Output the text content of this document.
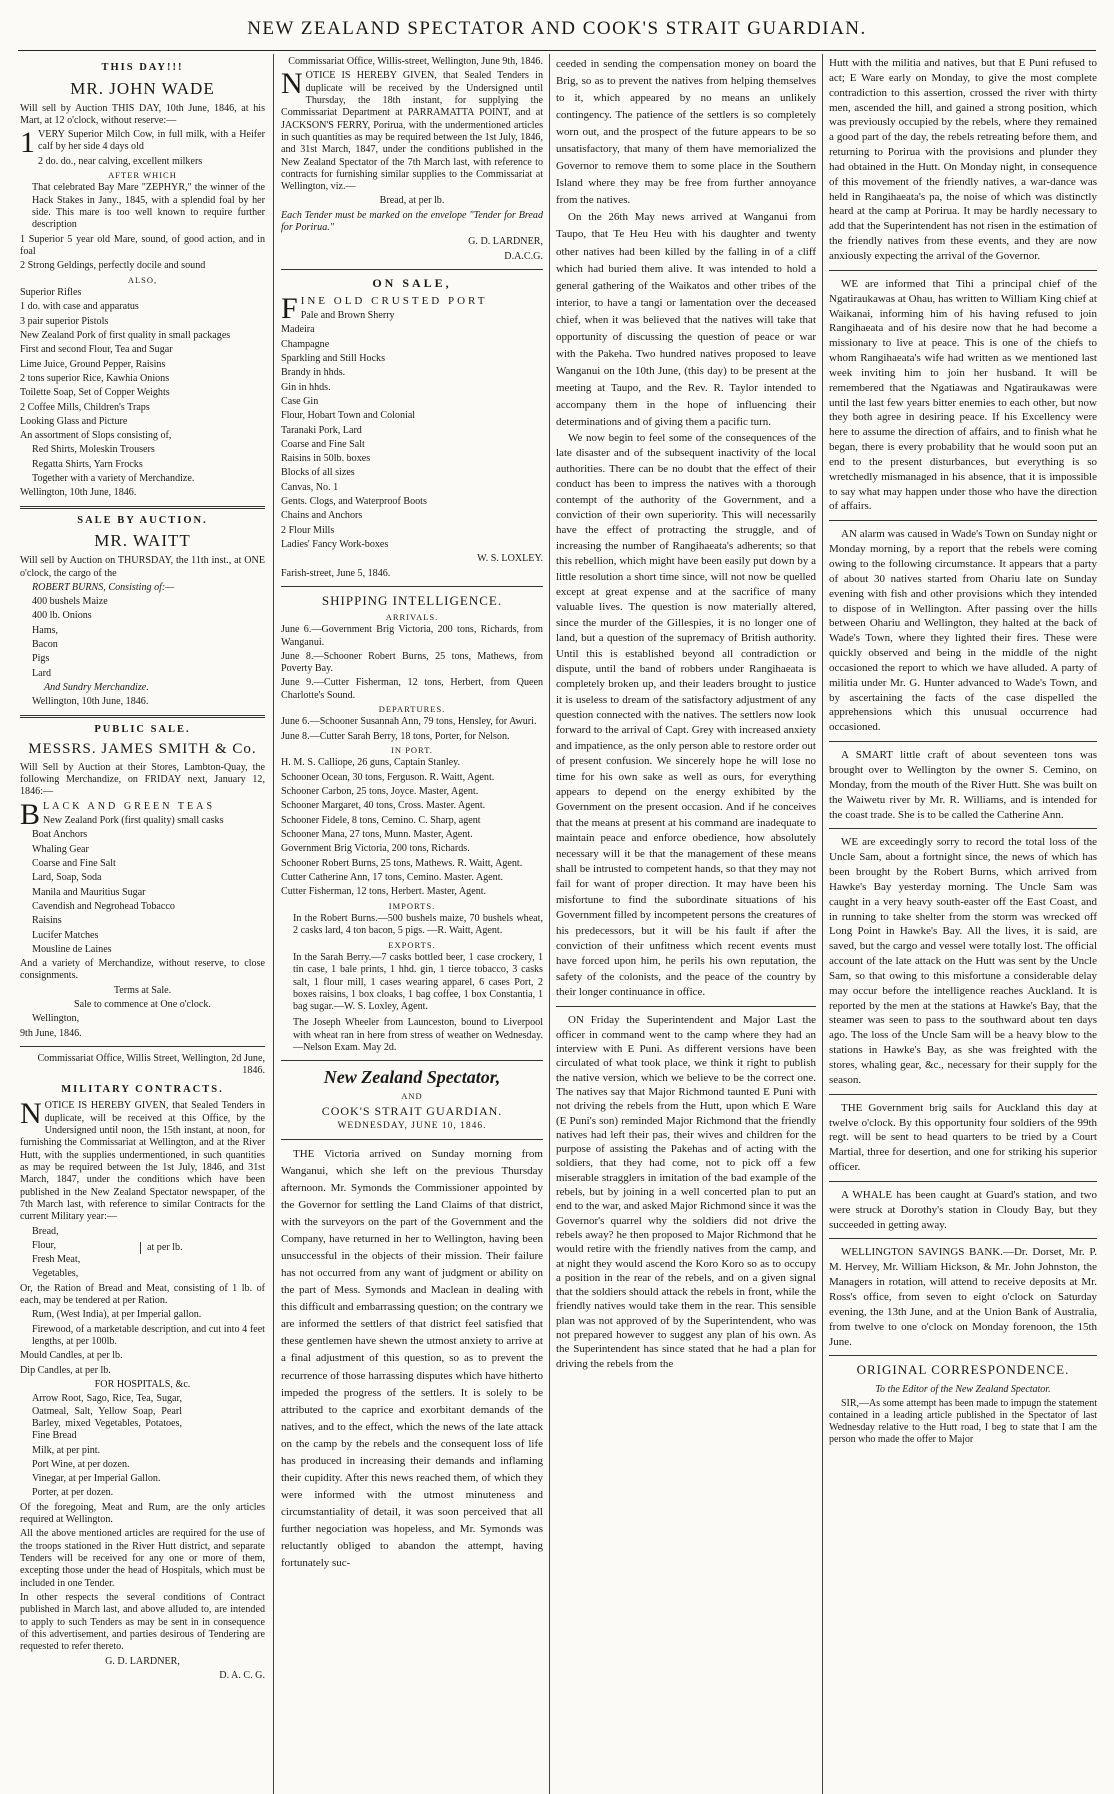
NEW ZEALAND SPECTATOR AND COOK'S STRAIT GUARDIAN.
THIS DAY!!!
MR. JOHN WADE

Will sell by Auction THIS DAY, 10th June, 1846, at his Mart, at 12 o'clock, without reserve:—

1 VERY Superior Milch Cow, in full milk, with a Heifer calf by her side 4 days old

2 do. do., near calving, excellent milkers

AFTER WHICH

That celebrated Bay Mare "ZEPHYR," the winner of the Hack Stakes in Jany., 1845, with a splendid foal by her side. This mare is too well known to require further description

1 Superior 5 year old Mare, sound, of good action, and in foal

2 Strong Geldings, perfectly docile and sound

ALSO,

Superior Rifles

1 do. with case and apparatus

3 pair superior Pistols

New Zealand Pork of first quality in small packages

First and second Flour, Tea and Sugar

Lime Juice, Ground Pepper, Raisins

2 tons superior Rice, Kawhia Onions

Toilette Soap, Set of Copper Weights

2 Coffee Mills, Children's Traps

Looking Glass and Picture

An assortment of Slops consisting of,

Red Shirts, Moleskin Trousers

Regatta Shirts, Yarn Frocks

Together with a variety of Merchandize.

Wellington, 10th June, 1846.

SALE BY AUCTION.
MR. WAITT

Will sell by Auction on THURSDAY, the 11th inst., at ONE o'clock, the cargo of the

ROBERT BURNS, Consisting of:—

400 bushels Maize

400 lb. Onions

Hams,

Bacon

Pigs

Lard

And Sundry Merchandize.

Wellington, 10th June, 1846.

PUBLIC SALE.
MESSRS. JAMES SMITH & Co.

Will Sell by Auction at their Stores, Lambton-Quay, the following Merchandize, on FRIDAY next, January 12, 1846:—

BLACK AND GREEN TEAS

New Zealand Pork (first quality) small casks

Boat Anchors

Whaling Gear

Coarse and Fine Salt

Lard, Soap, Soda

Manila and Mauritius Sugar

Cavendish and Negrohead Tobacco

Raisins

Lucifer Matches

Mousline de Laines

And a variety of Merchandize, without reserve, to close consignments.

Terms at Sale.

Sale to commence at One o'clock.

Wellington,

9th June, 1846.

Commissariat Office, Willis Street, Wellington, 2d June, 1846.

MILITARY CONTRACTS.

NOTICE IS HEREBY GIVEN, that Sealed Tenders in duplicate, will be received at this Office, by the Undersigned until noon, the 15th instant, at noon, for furnishing the Commissariat at Wellington, and at the River Hutt, with the supplies undermentioned, in such quantities as may be required between the 1st July, 1846, and 31st March, 1847, under the conditions which have been published in the New Zealand Spectator newspaper, of the 7th March last, with reference to similar Contracts for the current Military year:—

Bread,

Flour,

Fresh Meat,

Vegetables,

at per lb.

Or, the Ration of Bread and Meat, consisting of 1 lb. of each, may be tendered at per Ration.

Rum, (West India), at per Imperial gallon.

Firewood, of a marketable description, and cut into 4 feet lengths, at per 100lb.

Mould Candles, at per lb.

Dip Candles, at per lb.

FOR HOSPITALS, &c.

Arrow Root, Sago, Rice, Tea, Sugar, Oatmeal, Salt, Yellow Soap, Pearl Barley, mixed Vegetables, Potatoes, Fine Bread

Milk, at per pint.

Port Wine, at per dozen.

Vinegar, at per Imperial Gallon.

Porter, at per dozen.

Of the foregoing, Meat and Rum, are the only articles required at Wellington.

All the above mentioned articles are required for the use of the troops stationed in the River Hutt district, and separate Tenders will be received for any one or more of them, excepting those under the head of Hospitals, which must be included in one Tender.

In other respects the several conditions of Contract published in March last, and above alluded to, are intended to apply to such Tenders as may be sent in in consequence of this advertisement, and parties desirous of Tendering are requested to refer thereto.

G. D. LARDNER,

D. A. C. G.

Commissariat Office, Willis-street, Wellington, June 9th, 1846.

NOTICE IS HEREBY GIVEN, that Sealed Tenders in duplicate will be received by the Undersigned until Thursday, the 18th instant, for supplying the Commissariat Department at PARRAMATTA POINT, and at JACKSON'S FERRY, Porirua, with the undermentioned articles in such quantities as may be required between the 1st July, 1846, and 31st March, 1847, under the conditions published in the New Zealand Spectator of the 7th March last, with reference to contracts for furnishing similar supplies to the Commissariat at Wellington, viz.—

Bread, at per lb.

Each Tender must be marked on the envelope "Tender for Bread for Porirua."

G. D. LARDNER,

D.A.C.G.

ON SALE,

FINE OLD CRUSTED PORT

Pale and Brown Sherry

Madeira

Champagne

Sparkling and Still Hocks

Brandy in hhds.

Gin in hhds.

Case Gin

Flour, Hobart Town and Colonial

Taranaki Pork, Lard

Coarse and Fine Salt

Raisins in 50lb. boxes

Blocks of all sizes

Canvas, No. 1

Gents. Clogs, and Waterproof Boots

Chains and Anchors

2 Flour Mills

Ladies' Fancy Work-boxes

W. S. LOXLEY.

Farish-street, June 5, 1846.

SHIPPING INTELLIGENCE.
ARRIVALS.

June 6.—Government Brig Victoria, 200 tons, Richards, from Wanganui.

June 8.—Schooner Robert Burns, 25 tons, Mathews, from Poverty Bay.

June 9.—Cutter Fisherman, 12 tons, Herbert, from Queen Charlotte's Sound.

DEPARTURES.

June 6.—Schooner Susannah Ann, 79 tons, Hensley, for Awuri.

June 8.—Cutter Sarah Berry, 18 tons, Porter, for Nelson.

IN PORT.

H. M. S. Calliope, 26 guns, Captain Stanley.

Schooner Ocean, 30 tons, Ferguson. R. Waitt, Agent.

Schooner Carbon, 25 tons, Joyce. Master, Agent.

Schooner Margaret, 40 tons, Cross. Master. Agent.

Schooner Fidele, 8 tons, Cemino. C. Sharp, agent

Schooner Mana, 27 tons, Munn. Master, Agent.

Government Brig Victoria, 200 tons, Richards.

Schooner Robert Burns, 25 tons, Mathews. R. Waitt, Agent.

Cutter Catherine Ann, 17 tons, Cemino. Master. Agent.

Cutter Fisherman, 12 tons, Herbert. Master, Agent.

IMPORTS.

In the Robert Burns.—500 bushels maize, 70 bushels wheat, 2 casks lard, 4 ton bacon, 5 pigs. —R. Waitt, Agent.

EXPORTS.

In the Sarah Berry.—7 casks bottled beer, 1 case crockery, 1 tin case, 1 bale prints, 1 hhd. gin, 1 tierce tobacco, 3 casks salt, 1 flour mill, 1 cases wearing apparel, 6 cases Port, 2 boxes raisins, 1 box cloaks, 1 bag coffee, 1 box Constantia, 1 bag sugar.—W. S. Loxley, Agent.

The Joseph Wheeler from Launceston, bound to Liverpool with wheat ran in here from stress of weather on Wednesday.—Nelson Exam. May 2d.

New Zealand Spectator,
AND
COOK'S STRAIT GUARDIAN.
WEDNESDAY, JUNE 10, 1846.

THE Victoria arrived on Sunday morning from Wanganui, which she left on the previous Thursday afternoon. Mr. Symonds the Commissioner appointed by the Governor for settling the Land Claims of that district, with the surveyors on the part of the Government and the Company, have returned in her to Wellington, having been unsuccessful in the objects of their mission. Their failure has not occurred from any want of judgment or ability on the part of Mess. Symonds and Maclean in dealing with this difficult and embarrassing question; on the contrary we are informed the settlers of that district feel satisfied that these gentlemen have shewn the utmost anxiety to arrive at a final adjustment of this question, so as to prevent the recurrence of those harrassing disputes which have hitherto impeded the progress of the settlers. It is solely to be attributed to the caprice and exorbitant demands of the natives, and to the effect, which the news of the late attack on the camp by the rebels and the consequent loss of life has produced in increasing their demands and inflaming their cupidity. After this news reached them, of which they were informed with the utmost minuteness and circumstantiality of detail, it was soon perceived that all further negociation was hopeless, and Mr. Symonds was reluctantly obliged to abandon the attempt, having fortunately suc-

ceeded in sending the compensation money on board the Brig, so as to prevent the natives from helping themselves to it, which appeared by no means an unlikely contingency. The patience of the settlers is so completely worn out, and the prospect of the future appears to be so unsatisfactory, that many of them have memorialized the Governor to remove them to some place in the Southern Island where they may be free from further annoyance from the natives.

On the 26th May news arrived at Wanganui from Taupo, that Te Heu Heu with his daughter and twenty other natives had been killed by the falling in of a cliff which had buried them alive. It was intended to hold a general gathering of the Waikatos and other tribes of the interior, to have a tangi or lamentation over the deceased chief, when it was believed that the natives will take that opportunity of discussing the question of peace or war with the Pakeha. Two hundred natives proposed to leave Wanganui on the 10th June, (this day) to be present at the meeting at Taupo, and the Rev. R. Taylor intended to accompany them in the hope of influencing their determinations and of giving them a pacific turn.

We now begin to feel some of the consequences of the late disaster and of the subsequent inactivity of the local authorities. There can be no doubt that the effect of their conduct has been to impress the natives with a thorough contempt of the authority of the Government, and a conviction of their own superiority. This will necessarily have the effect of protracting the struggle, and of increasing the number of Rangihaeata's adherents; so that this rebellion, which might have been easily put down by a little resolution a short time since, will not now be quelled except at great expense and at the sacrifice of many valuable lives. The question is now materially altered, since the murder of the Gillespies, it is no longer one of land, but a question of the supremacy of British authority. Until this is established beyond all contradiction or dispute, until the band of robbers under Rangihaeata is completely broken up, and their leaders brought to justice it is useless to dream of the satisfactory adjustment of any question connected with the natives. The settlers now look forward to the arrival of Capt. Grey with increased anxiety and impatience, as the only person able to restore order out of present confusion. We sincerely hope he will lose no time for his own sake as well as ours, for everything appears to depend on the energy exhibited by the Government on the present occasion. And if he conceives that the means at present at his command are inadequate to maintain peace and enforce obedience, how absolutely necessary will it be that the management of these means shall be intrusted to competent hands, so that they may not fail for want of proper direction. It may have been his misfortune to find the subordinate situations of his Government filled by incompetent persons the creatures of his predecessors, but it will be his fault if after the conviction of their unfitness which recent events must have forced upon him, he perils his own reputation, the safety of the colonists, and the peace of the country by their longer continuance in office.

ON Friday the Superintendent and Major Last the officer in command went to the camp where they had an interview with E Puni. As different versions have been circulated of what took place, we think it right to publish the native version, which we believe to be the correct one. The natives say that Major Richmond taunted E Puni with not driving the rebels from the Hutt, upon which E Ware (E Puni's son) reminded Major Richmond that the friendly natives had left their pas, their wives and children for the purpose of assisting the Pakehas and of acting with the soldiers, that they had come, not to pick off a few miserable stragglers in imitation of the bad example of the rebels, but by joining in a well concerted plan to put an end to the war, and asked Major Richmond since it was the Governor's quarrel why the soldiers did not drive the rebels away? he then proposed to Major Richmond that he would retire with the friendly natives from the camp, and at night they would ascend the Koro Koro so as to occupy a position in the rear of the rebels, and on a given signal that the soldiers should attack the rebels in front, while the friendly natives would take them in the rear. This sensible plan was not approved of by the Superintendent, who was not prepared however to suggest any plan of his own. As the Superintendent has since stated that he had a plan for driving the rebels from the

Hutt with the militia and natives, but that E Puni refused to act; E Ware early on Monday, to give the most complete contradiction to this assertion, crossed the river with thirty men, ascended the hill, and gained a strong position, which was previously occupied by the rebels, where they remained a good part of the day, the rebels retreating before them, and returning to Porirua with the provisions and plunder they had obtained in the Hutt. On Monday night, in consequence of this movement of the friendly natives, a war-dance was held in Rangihaeata's pa, the noise of which was distinctly heard at the camp at Porirua. It may be hardly necessary to add that the Superintendent has not risen in the estimation of the friendly natives from these events, and they are now anxiously expecting the arrival of the Governor.

WE are informed that Tihi a principal chief of the Ngatiraukawas at Ohau, has written to William King chief at Waikanai, informing him of his having refused to join Rangihaeata and of his desire now that he had become a missionary to live at peace. This is one of the chiefs to whom Rangihaeata's wife had written as we mentioned last week inviting him to join her husband. It will be remembered that the Ngatiawas and Ngatiraukawas were until the last few years bitter enemies to each other, but now they both agree in desiring peace. If his Excellency were here to assume the direction of affairs, and to finish what he began, there is every probability that he would soon put an end to the present disturbances, but everything is so wretchedly mismanaged in his absence, that it is impossible to say what may happen under those who have the direction of affairs.

AN alarm was caused in Wade's Town on Sunday night or Monday morning, by a report that the rebels were coming owing to the following circumstance. It appears that a party of about 30 natives started from Ohariu late on Sunday evening with fish and other provisions which they intended to dispose of in Wellington. After passing over the hills between Ohariu and Wellington, they halted at the back of Wade's Town, where they lighted their fires. These were quickly observed and being in the middle of the night occasioned the report to which we have alluded. A party of militia under Mr. G. Hunter advanced to Wade's Town, and by ascertaining the facts of the case dispelled the apprehensions which this unusual occurrence had occasioned.

A SMART little craft of about seventeen tons was brought over to Wellington by the owner S. Cemino, on Monday, from the mouth of the River Hutt. She was built on the Waiwetu river by Mr. R. Williams, and is intended for the coast trade. She is to be called the Catherine Ann.

WE are exceedingly sorry to record the total loss of the Uncle Sam, about a fortnight since, the news of which has been brought by the Robert Burns, which arrived from Hawke's Bay yesterday morning. The Uncle Sam was caught in a very heavy south-easter off the East Coast, and in running to take shelter from the storm was wrecked off Long Point in Hawke's Bay. All the lives, it is said, are saved, but the cargo and vessel were totally lost. The official account of the late attack on the Hutt was sent by the Uncle Sam, so that owing to this misfortune a considerable delay may occur before the intelligence reaches Auckland. It is reported by the men at the stations at Hawke's Bay, that the steamer was seen to pass to the southward about ten days ago. The loss of the Uncle Sam will be a heavy blow to the stations in Hawke's Bay, as she was freighted with the stores, whaling gear, &c., necessary for their supply for the season.

THE Government brig sails for Auckland this day at twelve o'clock. By this opportunity four soldiers of the 99th regt. will be sent to head quarters to be tried by a Court Martial, three for desertion, and one for striking his superior officer.

A WHALE has been caught at Guard's station, and two were struck at Dorothy's station in Cloudy Bay, but they succeeded in getting away.

WELLINGTON SAVINGS BANK.—Dr. Dorset, Mr. P. M. Hervey, Mr. William Hickson, & Mr. John Johnston, the Managers in rotation, will attend to receive deposits at Mr. Ross's office, from seven to eight o'clock on Saturday evening, the 13th June, and at the Union Bank of Australia, from twelve to one o'clock on Monday forenoon, the 15th June.

ORIGINAL CORRESPONDENCE.

To the Editor of the New Zealand Spectator.

SIR,—As some attempt has been made to impugn the statement contained in a leading article published in the Spectator of last Wednesday relative to the Hutt road, I beg to state that I am the person who made the offer to Major
